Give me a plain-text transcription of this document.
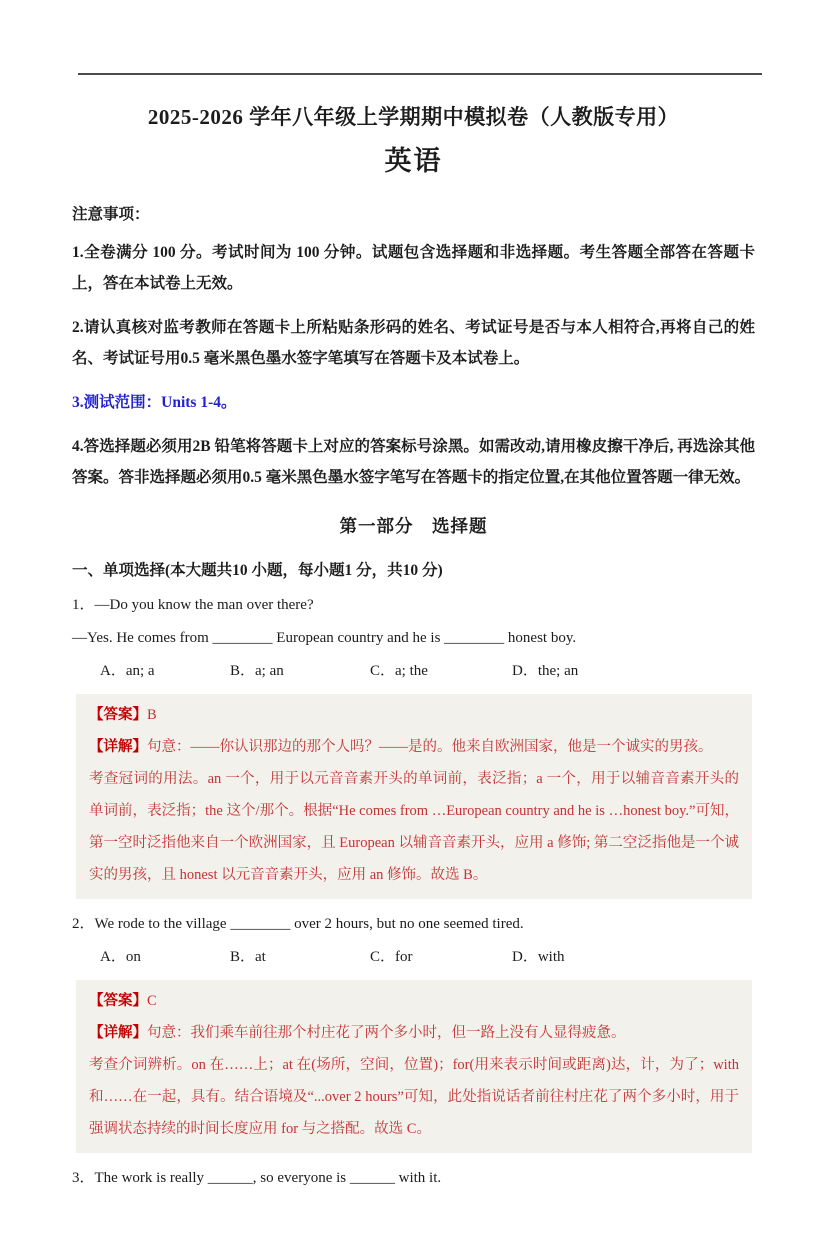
2025-2026 学年八年级上学期期中模拟卷（人教版专用）
英语

注意事项：

1.全卷满分 100 分。考试时间为 100 分钟。试题包含选择题和非选择题。考生答题全部答在答题卡上，答在本试卷上无效。

2.请认真核对监考教师在答题卡上所粘贴条形码的姓名、考试证号是否与本人相符合,再将自己的姓名、考试证号用0.5 毫米黑色墨水签字笔填写在答题卡及本试卷上。

3.测试范围：Units 1-4。

4.答选择题必须用2B 铅笔将答题卡上对应的答案标号涂黑。如需改动,请用橡皮擦干净后, 再选涂其他答案。答非选择题必须用0.5 毫米黑色墨水签字笔写在答题卡的指定位置,在其他位置答题一律无效。

第一部分　选择题

一、单项选择(本大题共10 小题，每小题1 分，共10 分)

1．—Do you know the man over there?

—Yes. He comes from ________ European country and he is ________ honest boy.

A．an; a	B．a; an	C．a; the	D．the; an

【答案】B

【详解】句意：——你认识那边的那个人吗？——是的。他来自欧洲国家，他是一个诚实的男孩。

考查冠词的用法。an 一个，用于以元音音素开头的单词前，表泛指；a 一个，用于以辅音音素开头的单词前，表泛指；the 这个/那个。根据“He comes from …European country and he is …honest boy.”可知，第一空时泛指他来自一个欧洲国家，且 European 以辅音音素开头，应用 a 修饰; 第二空泛指他是一个诚实的男孩，且 honest 以元音音素开头，应用 an 修饰。故选 B。

2．We rode to the village ________ over 2 hours, but no one seemed tired.

A．on	B．at	C．for	D．with

【答案】C

【详解】句意：我们乘车前往那个村庄花了两个多小时，但一路上没有人显得疲惫。

考查介词辨析。on 在……上；at 在(场所，空间，位置)；for(用来表示时间或距离)达，计，为了；with 和……在一起，具有。结合语境及“...over 2 hours”可知，此处指说话者前往村庄花了两个多小时，用于强调状态持续的时间长度应用 for 与之搭配。故选 C。

3．The work is really ______, so everyone is ______ with it.
